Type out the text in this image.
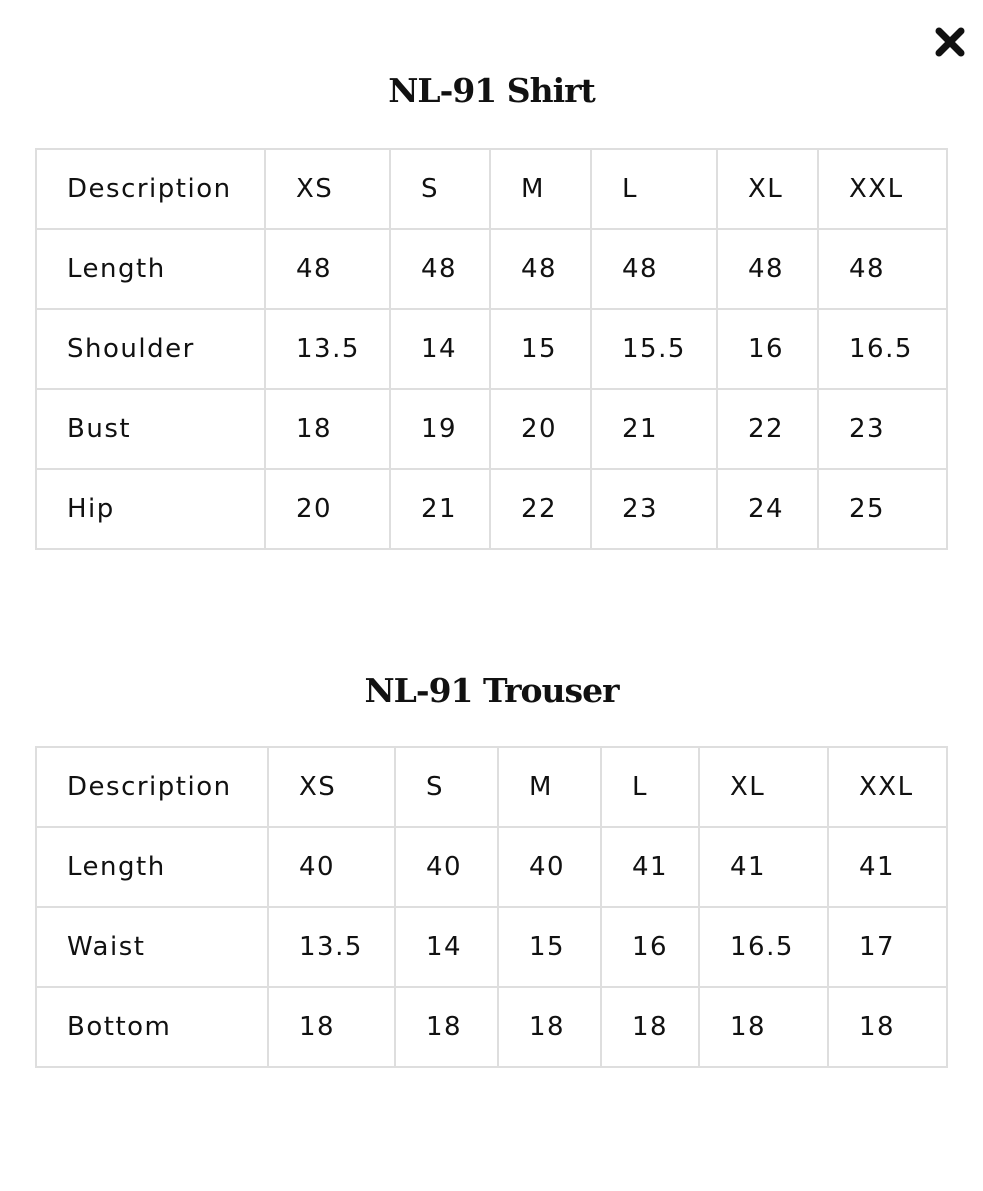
NL-91 Shirt
Description	XS	S	M	L	XL	XXL
Length	48	48	48	48	48	48
Shoulder	13.5	14	15	15.5	16	16.5
Bust	18	19	20	21	22	23
Hip	20	21	22	23	24	25
NL-91 Trouser
Description	XS	S	M	L	XL	XXL
Length	40	40	40	41	41	41
Waist	13.5	14	15	16	16.5	17
Bottom	18	18	18	18	18	18
